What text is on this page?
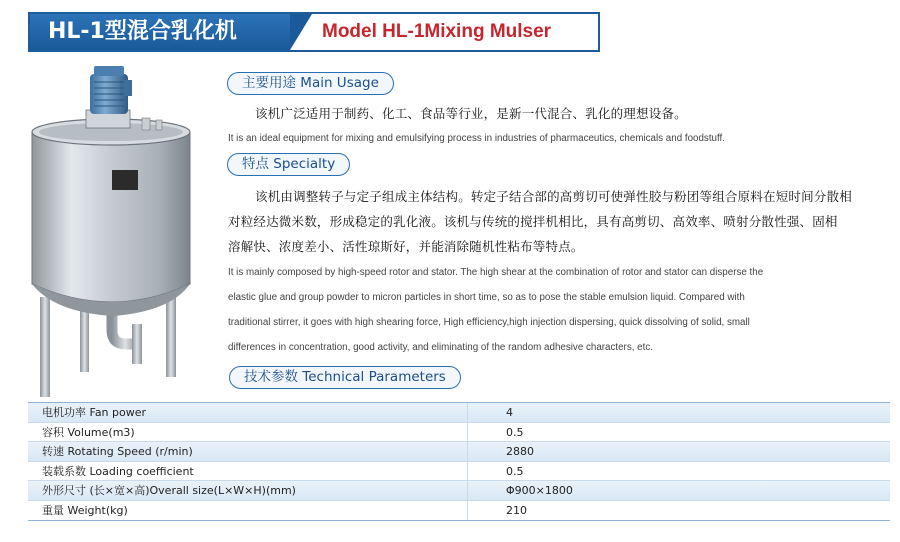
HL-1型混合乳化机	Model HL-1Mixing Mulser
主要用途 Main Usage
该机广泛适用于制药、化工、食品等行业，是新一代混合、乳化的理想设备。
It is an ideal equipment for mixing and emulsifying process in industries of pharmaceutics, chemicals and foodstuff.
特点 Specialty
该机由调整转子与定子组成主体结构。转定子结合部的高剪切可使弹性胶与粉团等组合原料在短时间分散相
对粒经达微米数，形成稳定的乳化液。该机与传统的搅拌机相比，具有高剪切、高效率、喷射分散性强、固相
溶解快、浓度差小、活性琼斯好，并能消除随机性粘布等特点。
It is mainly composed by high-speed rotor and stator. The high shear at the combination of rotor and stator can disperse the
elastic glue and group powder to micron particles in short time, so as to pose the stable emulsion liquid. Compared with
traditional stirrer, it goes with high shearing force, High efficiency,high injection dispersing, quick dissolving of solid, small
differences in concentration, good activity, and eliminating of the random adhesive characters, etc.
技术参数 Technical Parameters
电机功率 Fan power	4
容积 Volume(m3)	0.5
转速 Rotating Speed (r/min)	2880
装载系数 Loading coefficient	0.5
外形尺寸 (长×宽×高)Overall size(L×W×H)(mm)	Φ900×1800
重量 Weight(kg)	210
